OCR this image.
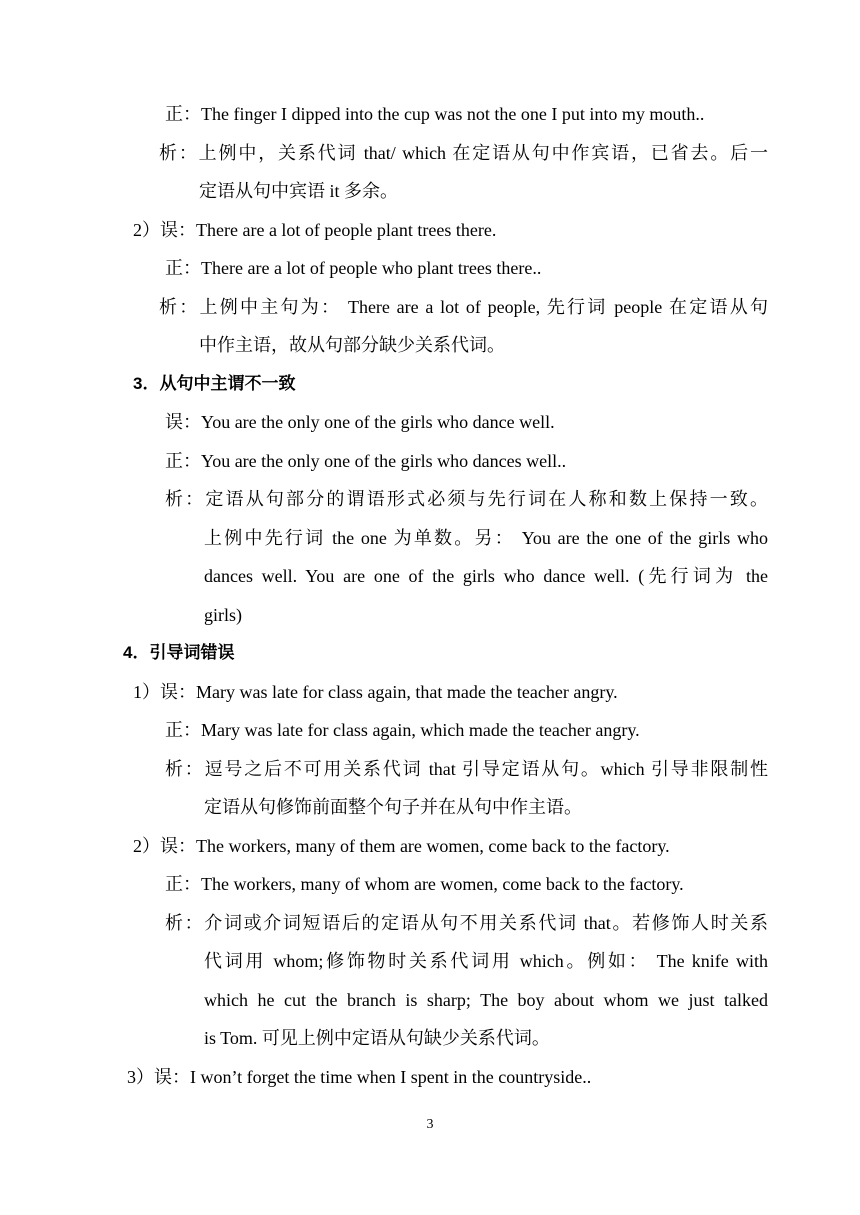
正：The finger I dipped into the cup was not the one I put into my mouth..
析：上例中，关系代词 that/ which 在定语从句中作宾语，已省去。后一
定语从句中宾语 it 多余。
2）误：There are a lot of people plant trees there.
正：There are a lot of people who plant trees there..
析：上例中主句为： There are a lot of people, 先行词 people 在定语从句
中作主语，故从句部分缺少关系代词。
3．从句中主谓不一致
误：You are the only one of the girls who dance well.
正：You are the only one of the girls who dances well..
析：定语从句部分的谓语形式必须与先行词在人称和数上保持一致。
上例中先行词 the one 为单数。另： You are the one of the girls who
dances well. You are one of the girls who dance well. (先行词为 the
girls)
4．引导词错误
1）误：Mary was late for class again, that made the teacher angry.
正：Mary was late for class again, which made the teacher angry.
析：逗号之后不可用关系代词 that 引导定语从句。which 引导非限制性
定语从句修饰前面整个句子并在从句中作主语。
2）误：The workers, many of them are women, come back to the factory.
正：The workers, many of whom are women, come back to the factory.
析：介词或介词短语后的定语从句不用关系代词 that。若修饰人时关系
代词用 whom;修饰物时关系代词用 which。例如： The knife with
which he cut the branch is sharp; The boy about whom we just talked
is Tom. 可见上例中定语从句缺少关系代词。
3）误：I won’t forget the time when I spent in the countryside..
3
